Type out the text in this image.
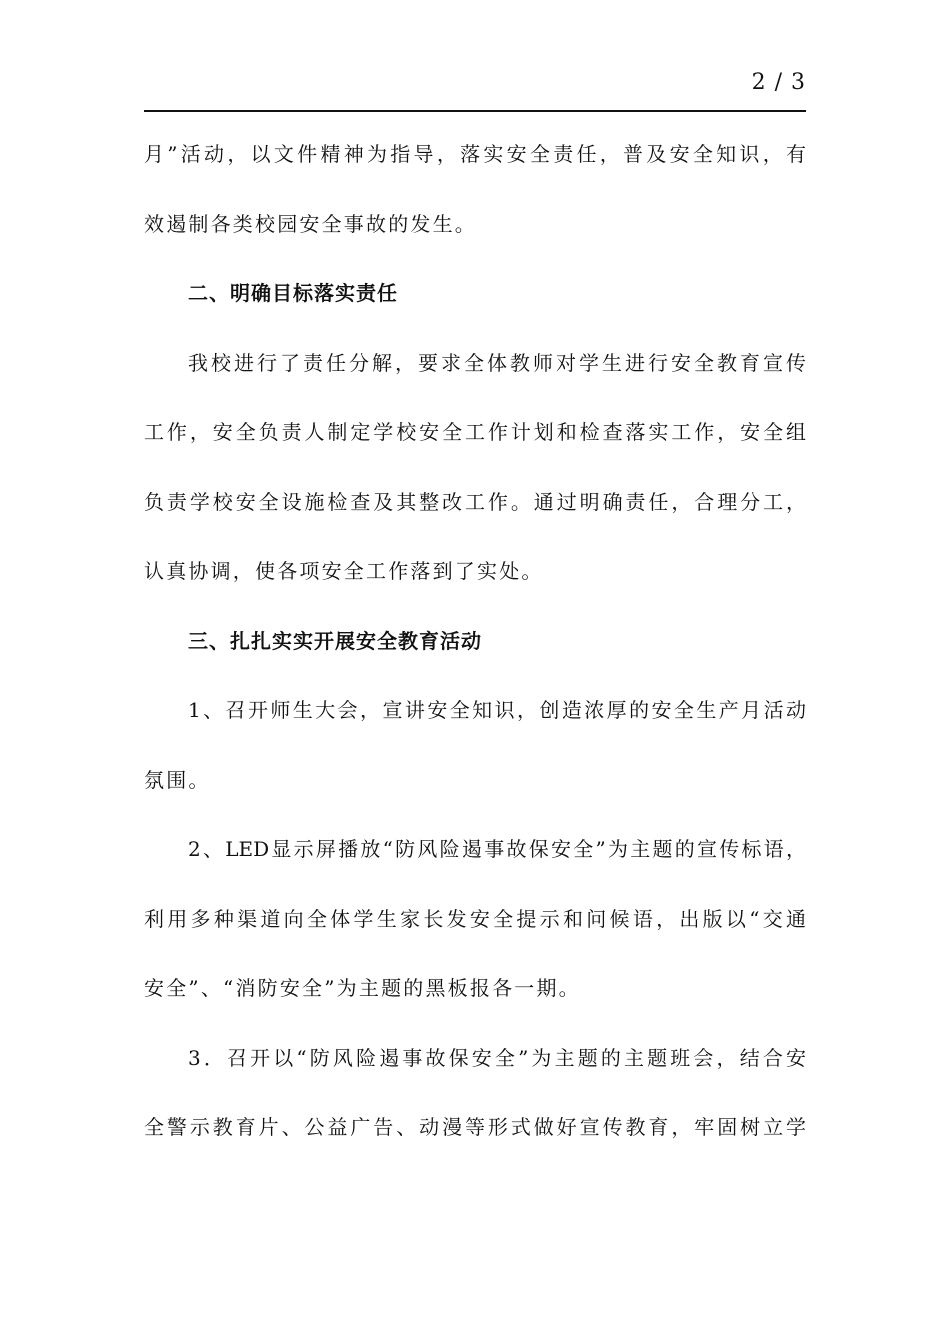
2 / 3
月”活动，以文件精神为指导，落实安全责任，普及安全知识，有
效遏制各类校园安全事故的发生。
二、明确目标落实责任
我校进行了责任分解，要求全体教师对学生进行安全教育宣传
工作，安全负责人制定学校安全工作计划和检查落实工作，安全组
负责学校安全设施检查及其整改工作。通过明确责任，合理分工，
认真协调，使各项安全工作落到了实处。
三、扎扎实实开展安全教育活动
1、召开师生大会，宣讲安全知识，创造浓厚的安全生产月活动
氛围。
2、LED显示屏播放“防风险遏事故保安全”为主题的宣传标语，
利用多种渠道向全体学生家长发安全提示和问候语，出版以“交通
安全”、“消防安全”为主题的黑板报各一期。
3．召开以“防风险遏事故保安全”为主题的主题班会，结合安
全警示教育片、公益广告、动漫等形式做好宣传教育，牢固树立学
